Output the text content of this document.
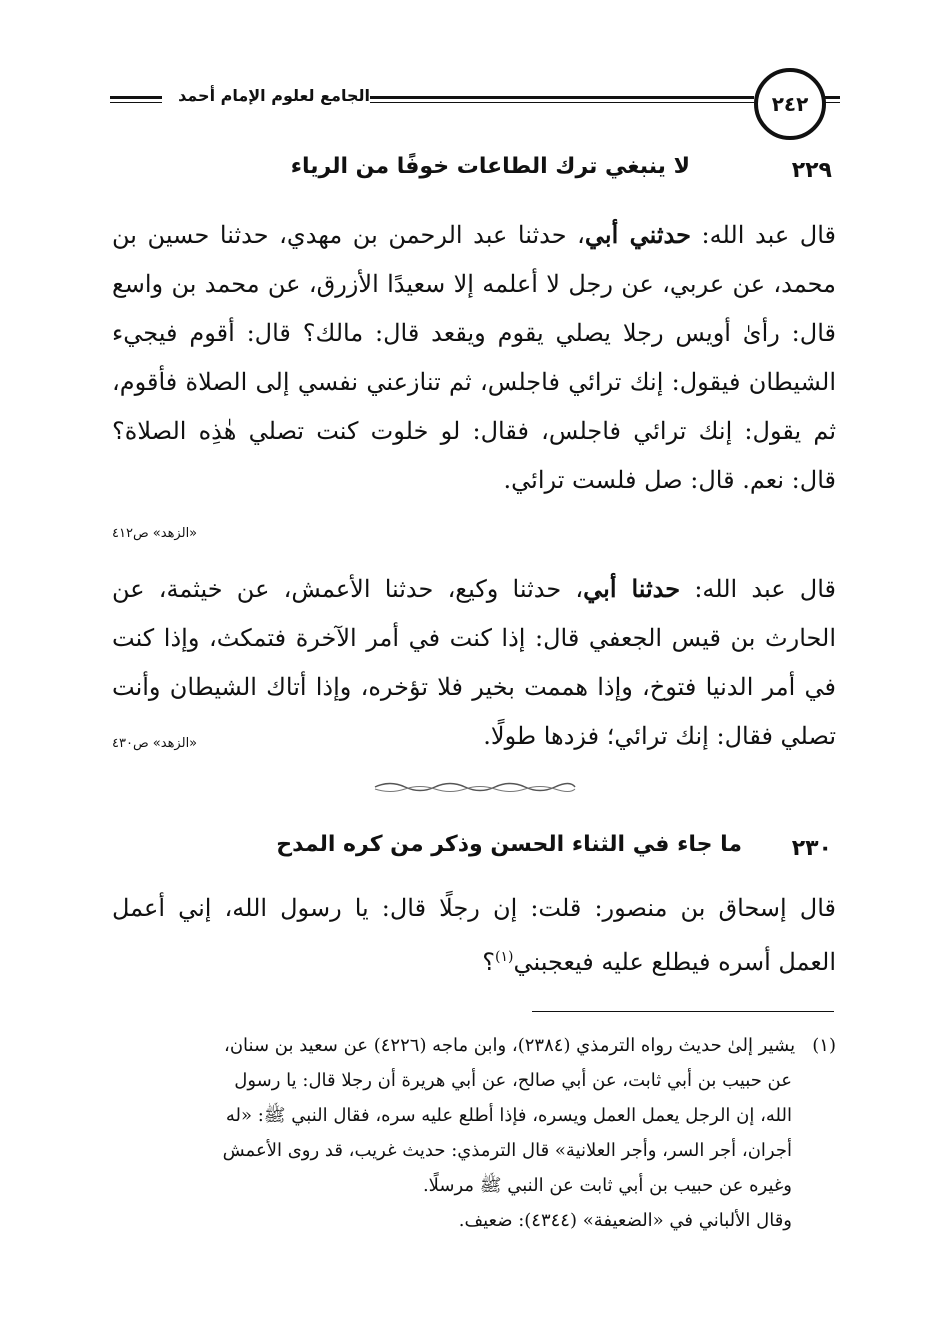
الجامع لعلوم الإمام أحمد	٢٤٢
٢٢٩
لا ينبغي ترك الطاعات خوفًا من الرياء
قال عبد الله: حدثني أبي، حدثنا عبد الرحمن بن مهدي، حدثنا حسين بن محمد، عن عربي، عن رجل لا أعلمه إلا سعيدًا الأزرق، عن محمد بن واسع قال: رأىٰ أويس رجلا يصلي يقوم ويقعد قال: مالك؟ قال: أقوم فيجيء الشيطان فيقول: إنك ترائي فاجلس، ثم تنازعني نفسي إلى الصلاة فأقوم، ثم يقول: إنك ترائي فاجلس، فقال: لو خلوت كنت تصلي هٰذِه الصلاة؟ قال: نعم. قال: صل فلست ترائي.
«الزهد» ص٤١٢
قال عبد الله: حدثنا أبي، حدثنا وكيع، حدثنا الأعمش، عن خيثمة، عن الحارث بن قيس الجعفي قال: إذا كنت في أمر الآخرة فتمكث، وإذا كنت في أمر الدنيا فتوخ، وإذا هممت بخير فلا تؤخره، وإذا أتاك الشيطان وأنت تصلي فقال: إنك ترائي؛ فزدها طولًا.
«الزهد» ص٤٣٠
٢٣٠
ما جاء في الثناء الحسن وذكر من كره المدح
قال إسحاق بن منصور: قلت: إن رجلًا قال: يا رسول الله، إني أعمل العمل أسره فيطلع عليه فيعجبني$^{(١)}$؟
(١)   يشير إلىٰ حديث رواه الترمذي (٢٣٨٤)، وابن ماجه (٤٢٢٦) عن سعيد بن سنان،
عن حبيب بن أبي ثابت، عن أبي صالح، عن أبي هريرة أن رجلا قال: يا رسول
الله، إن الرجل يعمل العمل ويسره، فإذا أطلع عليه سره، فقال النبي ﷺ: «له
أجران، أجر السر، وأجر العلانية» قال الترمذي: حديث غريب، قد روى الأعمش
وغيره عن حبيب بن أبي ثابت عن النبي ﷺ مرسلًا.
وقال الألباني في «الضعيفة» (٤٣٤٤): ضعيف.
